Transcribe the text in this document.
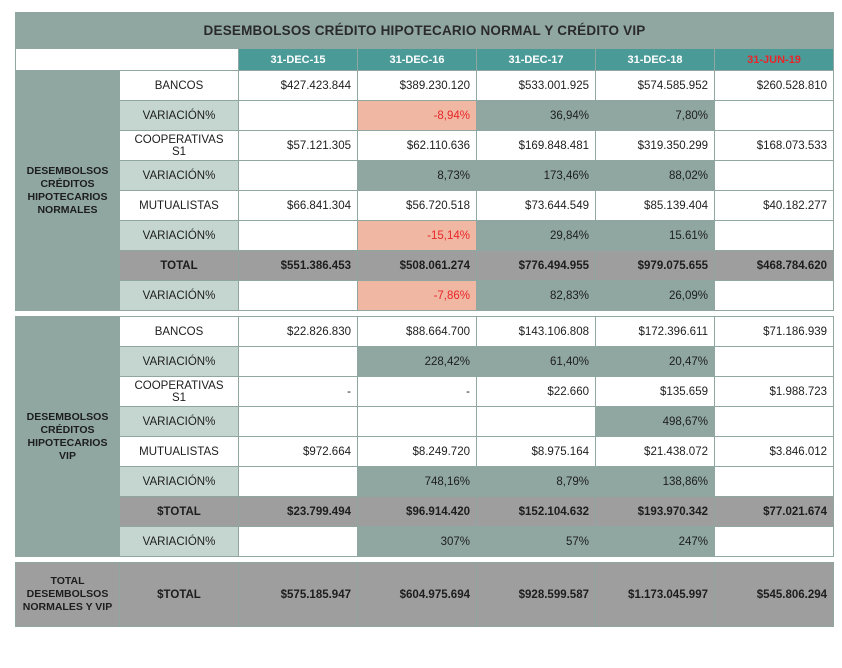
DESEMBOLSOS CRÉDITO HIPOTECARIO NORMAL Y CRÉDITO VIP						
		31-DEC-15	31-DEC-16	31-DEC-17	31-DEC-18	31-JUN-19
DESEMBOLSOS CRÉDITOS HIPOTECARIOS NORMALES	BANCOS	$427.423.844	$389.230.120	$533.001.925	$574.585.952	$260.528.810
	VARIACIÓN%		-8,94%	36,94%	7,80%	
	COOPERATIVAS S1	$57.121.305	$62.110.636	$169.848.481	$319.350.299	$168.073.533
	VARIACIÓN%		8,73%	173,46%	88,02%	
	MUTUALISTAS	$66.841.304	$56.720.518	$73.644.549	$85.139.404	$40.182.277
	VARIACIÓN%		-15,14%	29,84%	15.61%	
	TOTAL	$551.386.453	$508.061.274	$776.494.955	$979.075.655	$468.784.620
	VARIACIÓN%		-7,86%	82,83%	26,09%	

DESEMBOLSOS CRÉDITOS HIPOTECARIOS VIP	BANCOS	$22.826.830	$88.664.700	$143.106.808	$172.396.611	$71.186.939
	VARIACIÓN%		228,42%	61,40%	20,47%	
	COOPERATIVAS S1	-	-	$22.660	$135.659	$1.988.723
	VARIACIÓN%				498,67%	
	MUTUALISTAS	$972.664	$8.249.720	$8.975.164	$21.438.072	$3.846.012
	VARIACIÓN%		748,16%	8,79%	138,86%	
	$TOTAL	$23.799.494	$96.914.420	$152.104.632	$193.970.342	$77.021.674
	VARIACIÓN%		307%	57%	247%	

TOTAL DESEMBOLSOS NORMALES Y VIP	$TOTAL	$575.185.947	$604.975.694	$928.599.587	$1.173.045.997	$545.806.294
